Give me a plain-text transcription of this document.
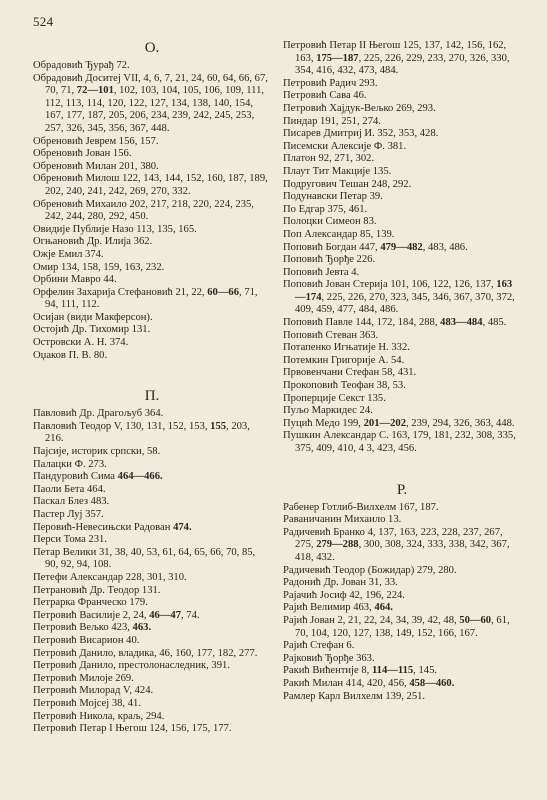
524
О.
Обрадовић Ђурађ 72.
Обрадовић Доситеј VII, 4, 6, 7, 21, 24, 60, 64, 66, 67, 70, 71, 72—101, 102, 103, 104, 105, 106, 109, 111, 112, 113, 114, 120, 122, 127, 134, 138, 140, 154, 167, 177, 187, 205, 206, 234, 239, 242, 245, 253, 257, 326, 345, 356, 367, 448.
Обреновић Јеврем 156, 157.
Обреновић Јован 156.
Обреновић Милан 201, 380.
Обреновић Милош 122, 143, 144, 152, 160, 187, 189, 202, 240, 241, 242, 269, 270, 332.
Обреновић Михаило 202, 217, 218, 220, 224, 235, 242, 244, 280, 292, 450.
Овидије Публије Назо 113, 135, 165.
Огњановић Др. Илија 362.
Ожје Емил 374.
Омир 134, 158, 159, 163, 232.
Орбини Мавро 44.
Орфелин Захарија Стефановић 21, 22, 60—66, 71, 94, 111, 112.
Осијан (види Макферсон).
Остојић Др. Тихомир 131.
Островски А. Н. 374.
Оџаков П. В. 80.
П.
Павловић Др. Драгољуб 364.
Павловић Теодор V, 130, 131, 152, 153, 155, 203, 216.
Пајсије, историк српски, 58.
Палацки Ф. 273.
Пандуровић Сима 464—466.
Паоли Бета 464.
Паскал Блез 483.
Пастер Луј 357.
Перовић-Невесињски Радован 474.
Перси Тома 231.
Петар Велики 31, 38, 40, 53, 61, 64, 65, 66, 70, 85, 90, 92, 94, 108.
Петефи Александар 228, 301, 310.
Петрановић Др. Теодор 131.
Петрарка Франческо 179.
Петровић Василије 2, 24, 46—47, 74.
Петровић Вељко 423, 463.
Петровић Висарион 40.
Петровић Данило, владика, 46, 160, 177, 182, 277.
Петровић Данило, престолонаследник, 391.
Петровић Милоје 269.
Петровић Милорад V, 424.
Петровић Мојсеј 38, 41.
Петровић Никола, краљ, 294.
Петровић Петар I Његош 124, 156, 175, 177.
Петровић Петар II Његош 125, 137, 142, 156, 162, 163, 175—187, 225, 226, 229, 233, 270, 326, 330, 354, 416, 432, 473, 484.
Петровић Радич 293.
Петровић Сава 46.
Петровић Хајдук-Вељко 269, 293.
Пиндар 191, 251, 274.
Писарев Дмитриј И. 352, 353, 428.
Писемски Алексије Ф. 381.
Платон 92, 271, 302.
Плаут Тит Макције 135.
Подругович Тешан 248, 292.
Подунавски Петар 39.
По Едгар 375, 461.
Полоцки Симеон 83.
Поп Александар 85, 139.
Поповић Богдан 447, 479—482, 483, 486.
Поповић Ђорђе 226.
Поповић Јевта 4.
Поповић Јован Стерија 101, 106, 122, 126, 137, 163—174, 225, 226, 270, 323, 345, 346, 367, 370, 372, 409, 459, 477, 484, 486.
Поповић Павле 144, 172, 184, 288, 483—484, 485.
Поповић Стеван 363.
Потапенко Игњатије Н. 332.
Потемкин Григорије А. 54.
Првовенчани Стефан 58, 431.
Прокоповић Теофан 38, 53.
Проперције Секст 135.
Пуљо Маркидес 24.
Пуцић Медо 199, 201—202, 239, 294, 326, 363, 448.
Пушкин Александар С. 163, 179, 181, 232, 308, 335, 375, 409, 410, 4 3, 423, 456.
Р.
Рабенер Готлиб-Вилхелм 167, 187.
Раваничанин Михаило 13.
Радичевић Бранко 4, 137, 163, 223, 228, 237, 267, 275, 279—288, 300, 308, 324, 333, 338, 342, 367, 418, 432.
Радичевић Теодор (Божидар) 279, 280.
Радонић Др. Јован 31, 33.
Рајачић Јосиф 42, 196, 224.
Рајић Велимир 463, 464.
Рајић Јован 2, 21, 22, 24, 34, 39, 42, 48, 50—60, 61, 70, 104, 120, 127, 138, 149, 152, 166, 167.
Рајић Стефан 6.
Рајковић Ђорђе 363.
Ракић Вићентије 8, 114—115, 145.
Ракић Милан 414, 420, 456, 458—460.
Рамлер Карл Вилхелм 139, 251.
